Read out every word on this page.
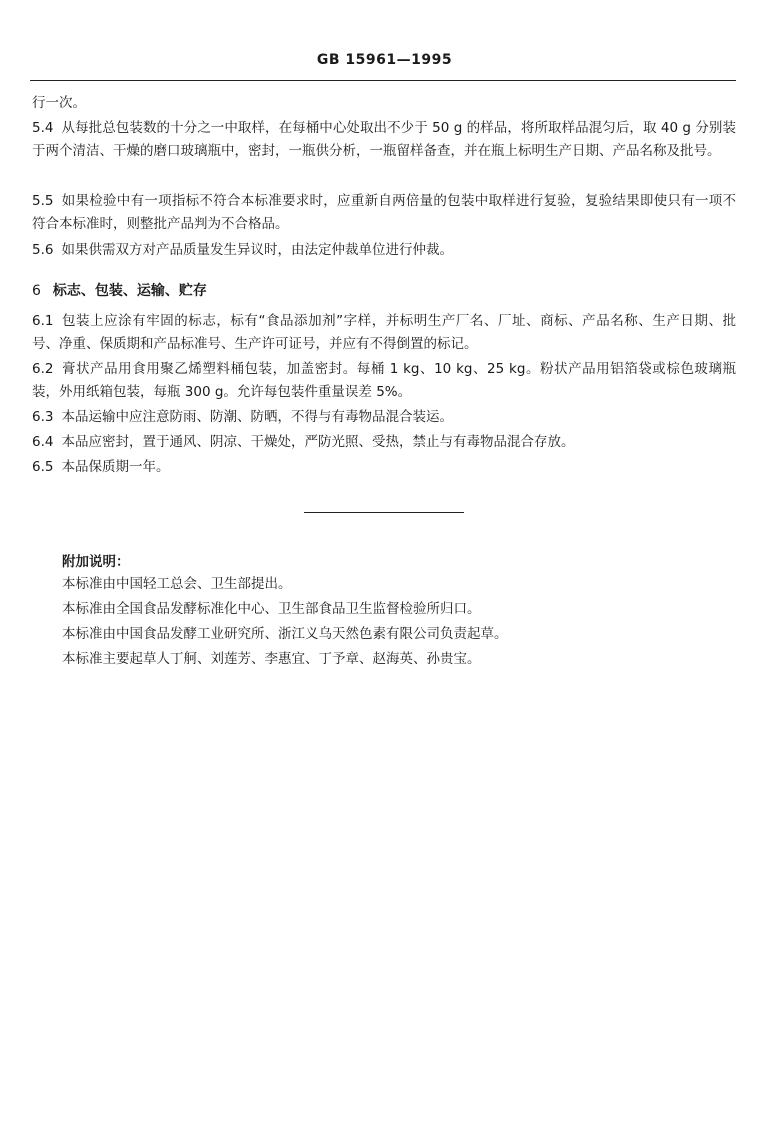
GB 15961—1995
行一次。
5.4 从每批总包装数的十分之一中取样，在每桶中心处取出不少于 50 g 的样品，将所取样品混匀后，取 40 g 分别装于两个清洁、干燥的磨口玻璃瓶中，密封，一瓶供分析，一瓶留样备查，并在瓶上标明生产日期、产品名称及批号。
5.5 如果检验中有一项指标不符合本标准要求时，应重新自两倍量的包装中取样进行复验，复验结果即使只有一项不符合本标准时，则整批产品判为不合格品。
5.6 如果供需双方对产品质量发生异议时，由法定仲裁单位进行仲裁。
6 标志、包装、运输、贮存
6.1 包装上应涂有牢固的标志，标有“食品添加剂”字样，并标明生产厂名、厂址、商标、产品名称、生产日期、批号、净重、保质期和产品标准号、生产许可证号，并应有不得倒置的标记。
6.2 膏状产品用食用聚乙烯塑料桶包装，加盖密封。每桶 1 kg、10 kg、25 kg。粉状产品用铝箔袋或棕色玻璃瓶装，外用纸箱包装，每瓶 300 g。允许每包装件重量误差 5%。
6.3 本品运输中应注意防雨、防潮、防晒，不得与有毒物品混合装运。
6.4 本品应密封，置于通风、阴凉、干燥处，严防光照、受热，禁止与有毒物品混合存放。
6.5 本品保质期一年。
附加说明：
本标准由中国轻工总会、卫生部提出。
本标准由全国食品发酵标准化中心、卫生部食品卫生监督检验所归口。
本标准由中国食品发酵工业研究所、浙江义乌天然色素有限公司负责起草。
本标准主要起草人丁舸、刘莲芳、李惠宜、丁予章、赵海英、孙贵宝。
